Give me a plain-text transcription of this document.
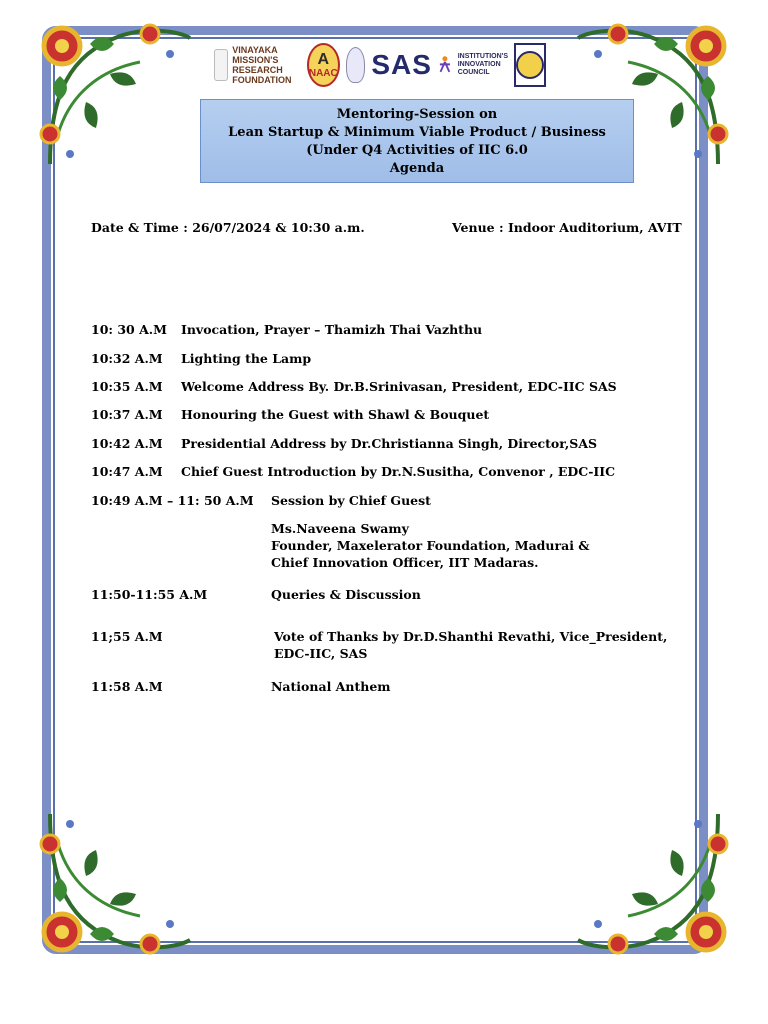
VINAYAKA MISSION'S
RESEARCH FOUNDATION
A
NAAC SAS	INSTITUTION'S
INNOVATION
COUNCIL
Mentoring-Session on
Lean Startup & Minimum Viable Product / Business
(Under Q4 Activities of IIC 6.0
Agenda
Date & Time : 26/07/2024 & 10:30 a.m.	Venue : Indoor Auditorium, AVIT
10: 30 A.M Invocation, Prayer – Thamizh Thai Vazhthu
10:32 A.M Lighting the Lamp
10:35 A.M Welcome Address By. Dr.B.Srinivasan, President, EDC-IIC SAS
10:37 A.M Honouring the Guest with Shawl & Bouquet
10:42 A.M Presidential Address by Dr.Christianna Singh, Director,SAS
10:47 A.M Chief Guest Introduction by Dr.N.Susitha, Convenor , EDC-IIC
10:49 A.M – 11: 50 A.M Session by Chief Guest
Ms.Naveena Swamy
Founder, Maxelerator Foundation, Madurai &
Chief Innovation Officer, IIT Madaras.
11:50-11:55 A.M	Queries & Discussion
11;55 A.M	Vote of Thanks by Dr.D.Shanthi Revathi, Vice_President,
EDC-IIC, SAS
11:58 A.M	National Anthem
